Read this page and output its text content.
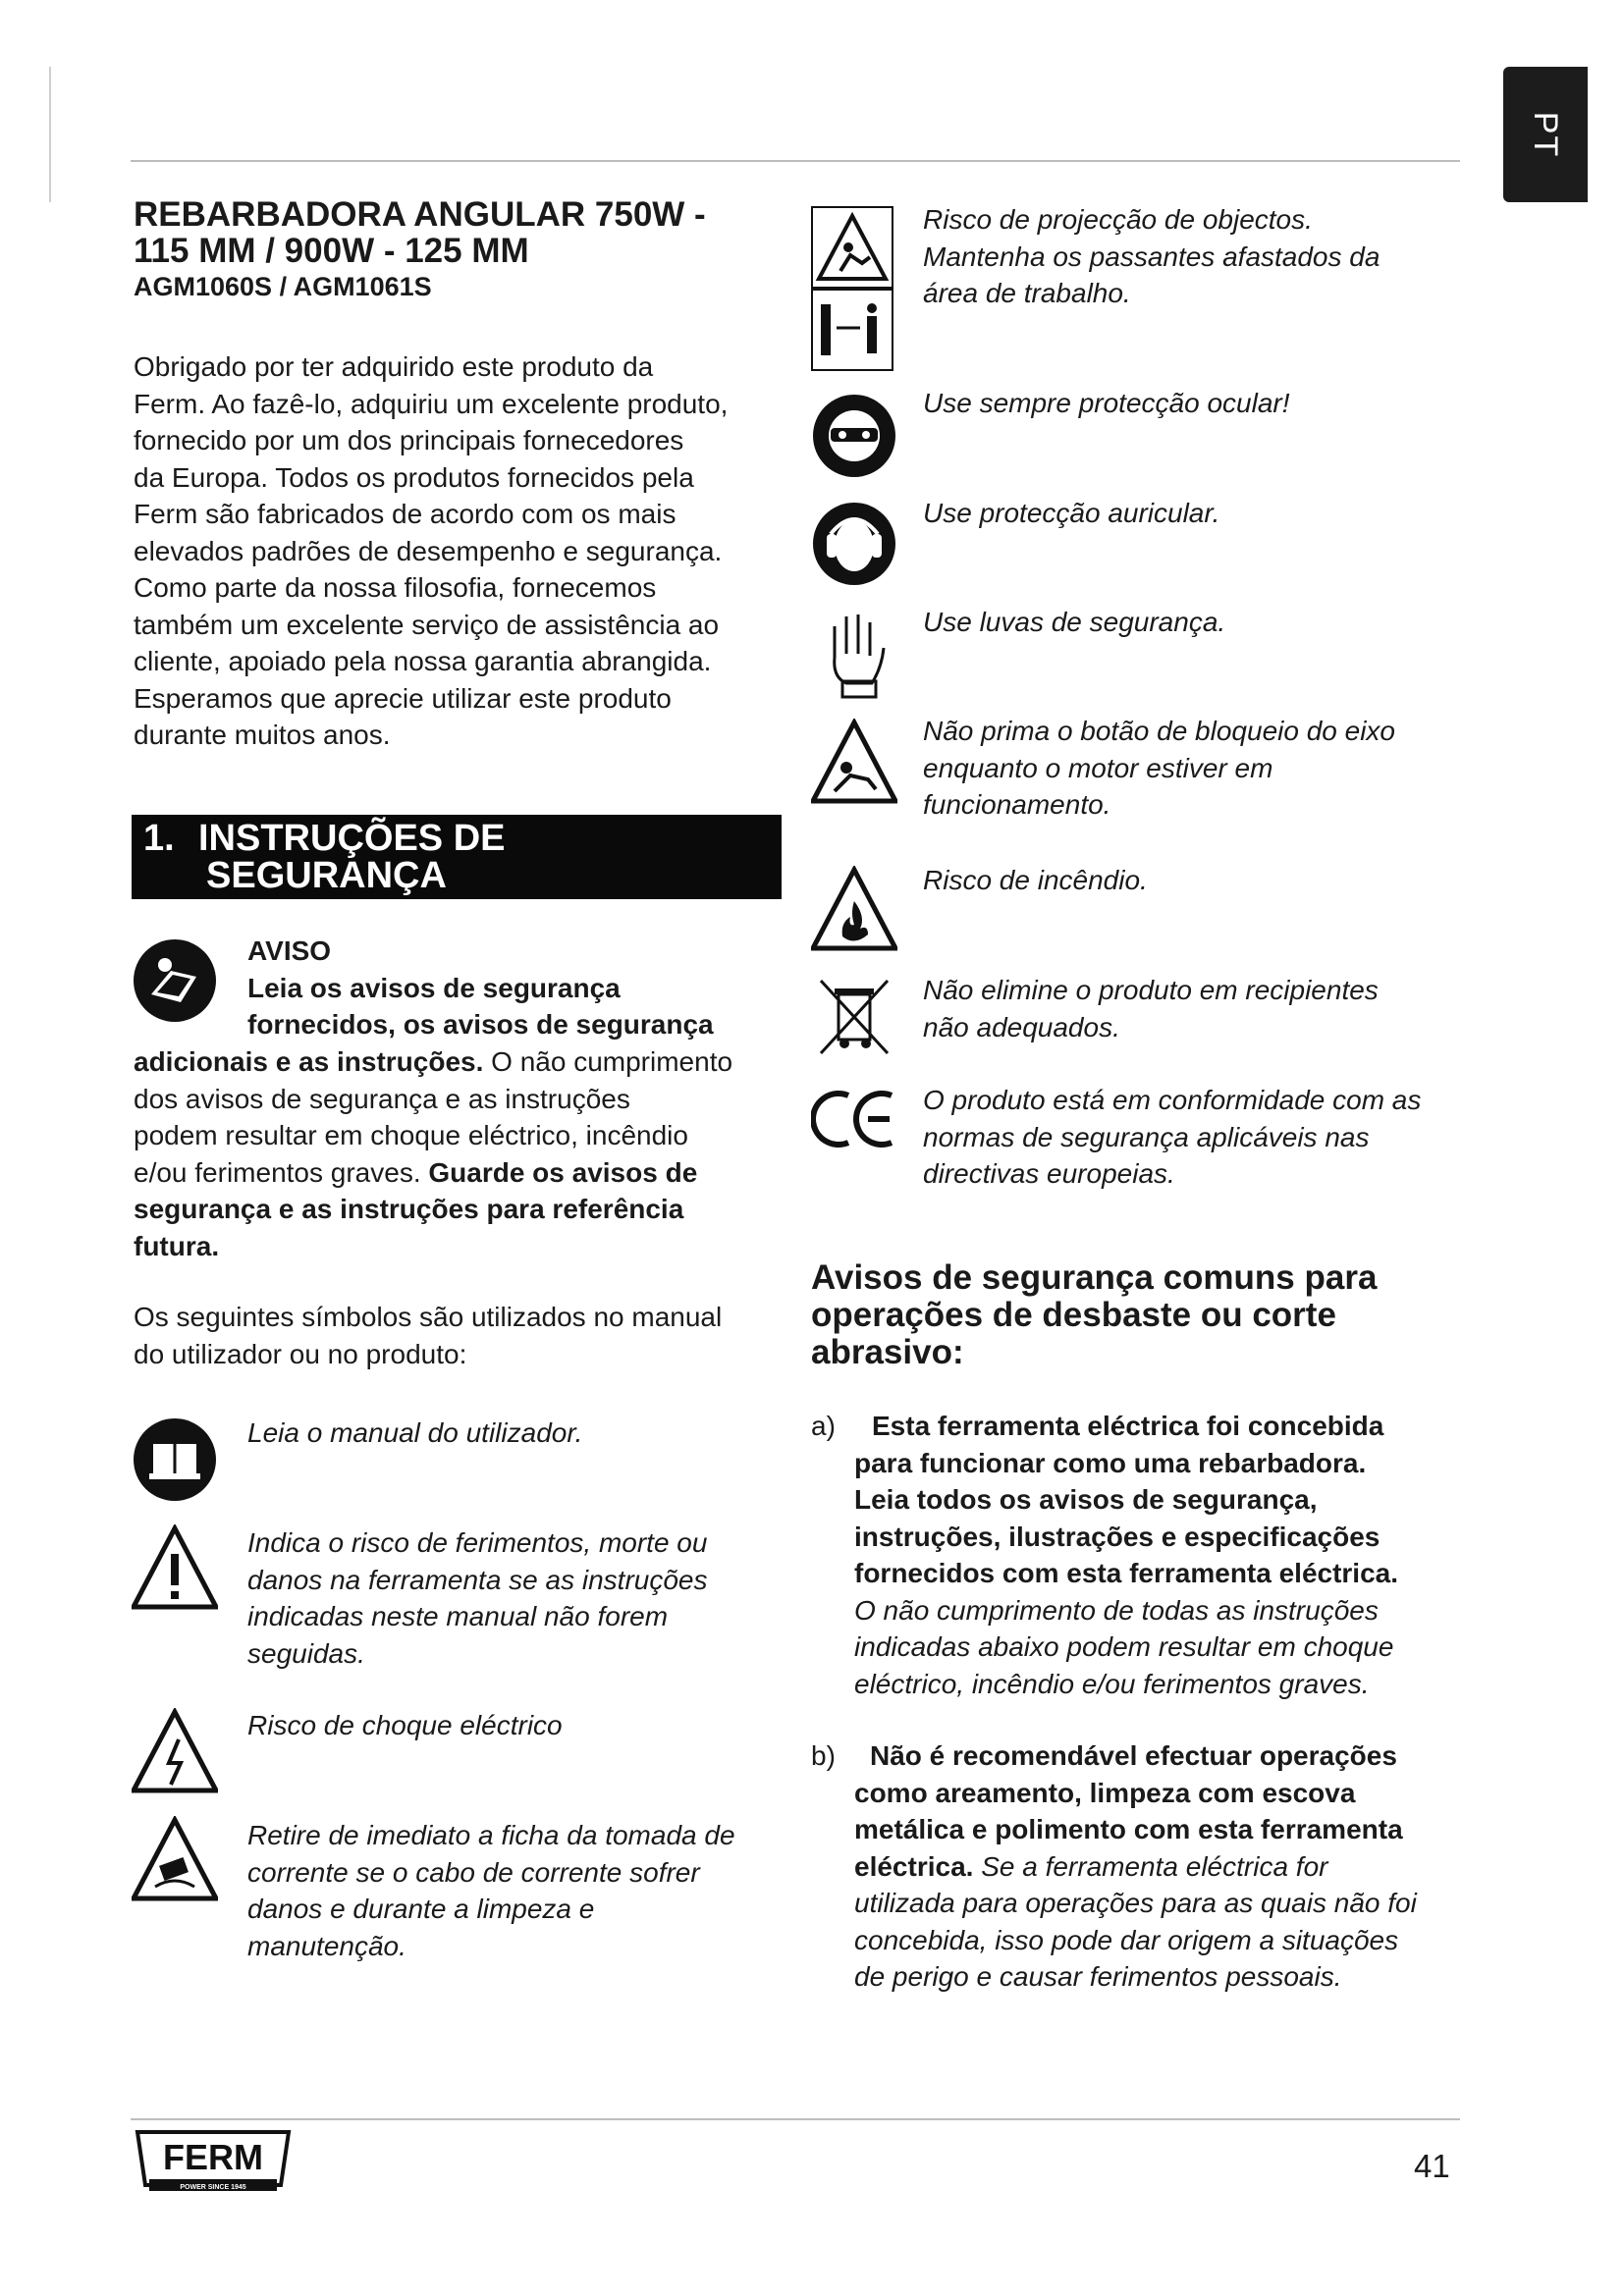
PT

REBARBADORA ANGULAR 750W -

115 MM / 900W - 125 MM

AGM1060S / AGM1061S

Obrigado por ter adquirido este produto da
Ferm. Ao fazê-lo, adquiriu um excelente produto,
fornecido por um dos principais fornecedores
da Europa. Todos os produtos fornecidos pela
Ferm são fabricados de acordo com os mais
elevados padrões de desempenho e segurança.
Como parte da nossa filosofia, fornecemos
também um excelente serviço de assistência ao
cliente, apoiado pela nossa garantia abrangida.
Esperamos que aprecie utilizar este produto
durante muitos anos.
1. INSTRUÇÕES DE
SEGURANÇA
AVISO
Leia os avisos de segurança
fornecidos, os avisos de segurança
adicionais e as instruções. O não cumprimento
dos avisos de segurança e as instruções
podem resultar em choque eléctrico, incêndio
e/ou ferimentos graves. Guarde os avisos de
segurança e as instruções para referência
futura.
Os seguintes símbolos são utilizados no manual
do utilizador ou no produto:
Leia o manual do utilizador.
Indica o risco de ferimentos, morte ou
danos na ferramenta se as instruções
indicadas neste manual não forem
seguidas.
Risco de choque eléctrico
Retire de imediato a ficha da tomada de
corrente se o cabo de corrente sofrer
danos e durante a limpeza e
manutenção.
Risco de projecção de objectos.
Mantenha os passantes afastados da
área de trabalho.
Use sempre protecção ocular!
Use protecção auricular.
Use luvas de segurança.
Não prima o botão de bloqueio do eixo
enquanto o motor estiver em
funcionamento.
Risco de incêndio.
Não elimine o produto em recipientes
não adequados.
O produto está em conformidade com as
normas de segurança aplicáveis nas
directivas europeias.

Avisos de segurança comuns para

operações de desbaste ou corte

abrasivo:

a) Esta ferramenta eléctrica foi concebida
para funcionar como uma rebarbadora.
Leia todos os avisos de segurança,
instruções, ilustrações e especificações
fornecidos com esta ferramenta eléctrica.
O não cumprimento de todas as instruções
indicadas abaixo podem resultar em choque
eléctrico, incêndio e/ou ferimentos graves.
b) Não é recomendável efectuar operações
como areamento, limpeza com escova
metálica e polimento com esta ferramenta
eléctrica. Se a ferramenta eléctrica for
utilizada para operações para as quais não foi
concebida, isso pode dar origem a situações
de perigo e causar ferimentos pessoais.
FERM
POWER SINCE 1945
41
